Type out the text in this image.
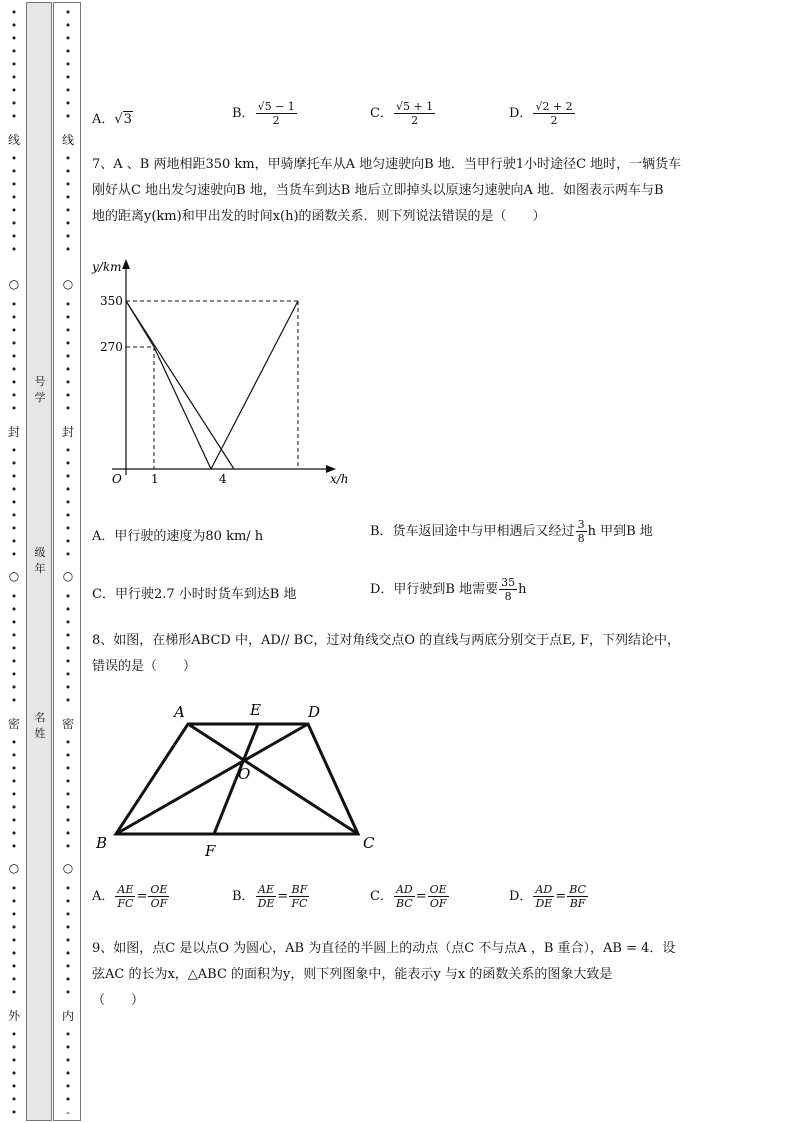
•
•
•
•
•
•
•
•
•
•
•
•
•
•
•
•
•
•
•
•
•
•
•
•
•
•
•
•
•
•
•
•
•
•
•
•
•
•
•
•
•
•
•
•
•
•
•
•
•
•
•
•
•
•
•
•
•
•
•
•
•
•
•
•
•
•
•
•
•
•
•
•
•
•
•
•
•
•
•
•
•
•
•
•
•
•
•
•
•
•
•
•
•
•
•
•
•
•
•
•
•
•
•
•
•
•
•
•
•
•
•
•
•
•
•
•
•
•
•
•
•
•
•
•
•
•
•
•
•
•
•
•
•
•
•
•
•
-
线
○
封
○
密
○
外
线
○
封
○
密
○
内
号学
级年
名姓
A．√3	B． $\frac{√5 - 1}{2}$	C． $\frac{√5 + 1}{2}$	D． $\frac{√2 + 2}{2}$
7、A 、B 两地相距350 km，甲骑摩托车从A 地匀速驶向B 地．当甲行驶1小时途径C 地时，一辆货车
刚好从C 地出发匀速驶向B 地，当货车到达B 地后立即掉头以原速匀速驶向A 地．如图表示两车与B
地的距离y(km)和甲出发的时间x(h)的函数关系．则下列说法错误的是（　　）
y/km
x/h
O
350
270
1	4
A．甲行驶的速度为80 km/ h	B．货车返回途中与甲相遇后又经过 $\frac{3}{8}$ h 甲到B 地
C．甲行驶2.7 小时时货车到达B 地	D．甲行驶到B 地需要 $\frac{35}{8}$ h
8、如图，在梯形ABCD 中，AD// BC，过对角线交点O 的直线与两底分别交于点E, F，下列结论中，
错误的是（　　）
A	E	D
O
B	F	C
A． $\frac{AE}{FC} = \frac{OE}{OF}$	B． $\frac{AE}{DE} = \frac{BF}{FC}$	C． $\frac{AD}{BC} = \frac{OE}{OF}$	D． $\frac{AD}{DE} = \frac{BC}{BF}$
9、如图，点C 是以点O 为圆心，AB 为直径的半圆上的动点（点C 不与点A ，B 重合），AB = 4．设
弦AC 的长为x，△ABC 的面积为y，则下列图象中，能表示y 与x 的函数关系的图象大致是
（　　）
